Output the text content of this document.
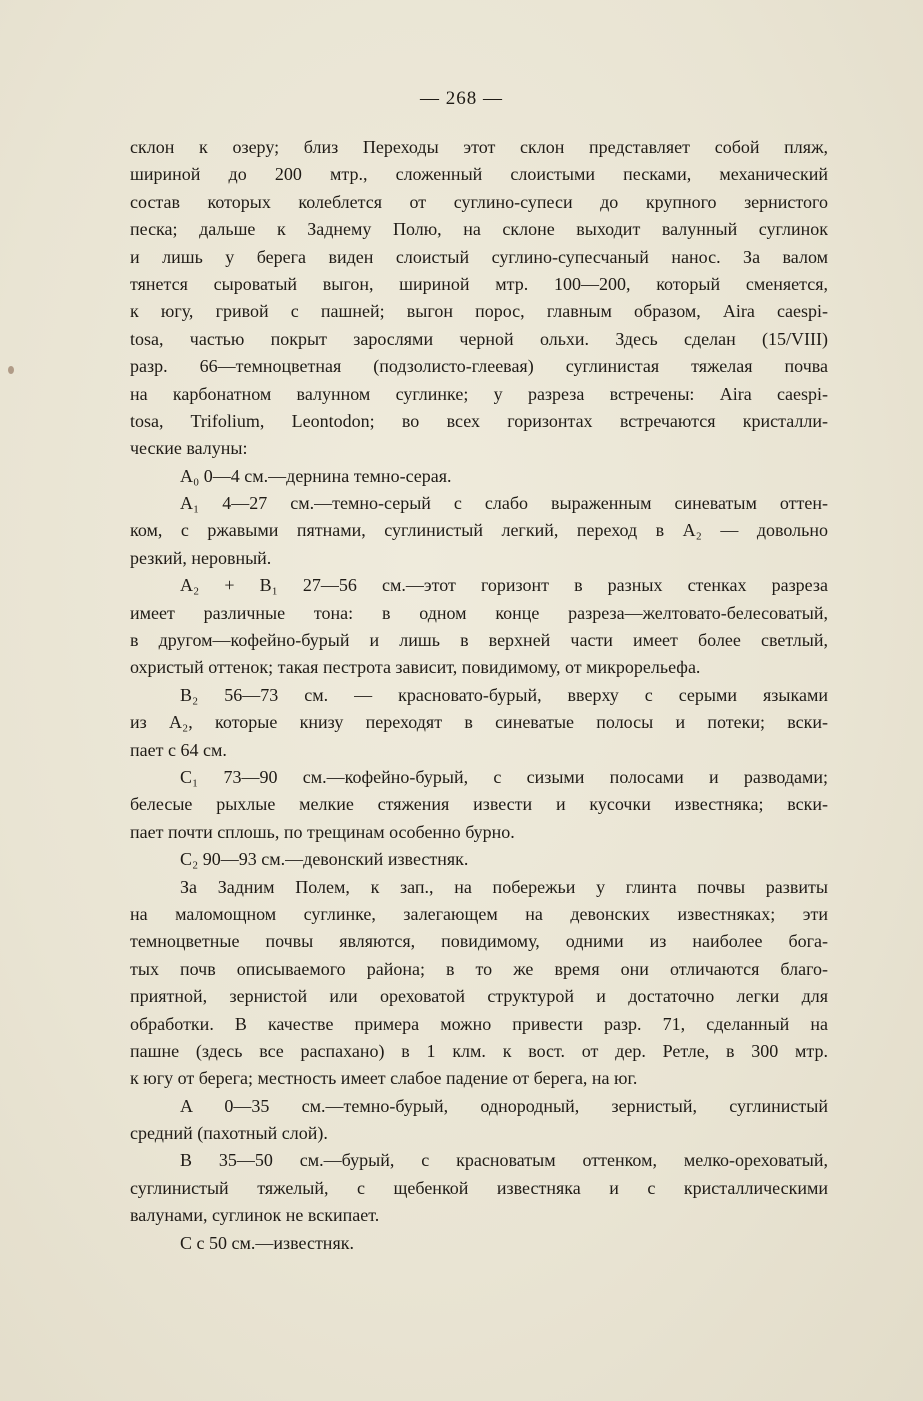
— 268 —
склон к озеру; близ Переходы этот склон представляет собой пляж,
шириной до 200 мтр., сложенный слоистыми песками, механический
состав которых колеблется от суглино-супеси до крупного зернистого
песка; дальше к Заднему Полю, на склоне выходит валунный суглинок
и лишь у берега виден слоистый суглино-супесчаный нанос. За валом
тянется сыроватый выгон, шириной мтр. 100—200, который сменяется,
к югу, гривой с пашней; выгон порос, главным образом, Aira caespi-
tosa, частью покрыт зарослями черной ольхи. Здесь сделан (15/VIII)
разр. 66—темноцветная (подзолисто-глеевая) суглинистая тяжелая почва
на карбонатном валунном суглинке; у разреза встречены: Aira caespi-
tosa, Trifolium, Leontodon; во всех горизонтах встречаются кристалли-
ческие валуны:
A₀ 0—4 см.—дернина темно-серая.
A₁ 4—27 см.—темно-серый с слабо выраженным синеватым оттен-
ком, с ржавыми пятнами, суглинистый легкий, переход в A₂ — довольно
резкий, неровный.
A₂ + B₁ 27—56 см.—этот горизонт в разных стенках разреза
имеет различные тона: в одном конце разреза—желтовато-белесоватый,
в другом—кофейно-бурый и лишь в верхней части имеет более светлый,
охристый оттенок; такая пестрота зависит, повидимому, от микрорельефа.
B₂ 56—73 см. — красновато-бурый, вверху с серыми языками
из A₂, которые книзу переходят в синеватые полосы и потеки; вски-
пает с 64 см.
C₁ 73—90 см.—кофейно-бурый, с сизыми полосами и разводами;
белесые рыхлые мелкие стяжения извести и кусочки известняка; вски-
пает почти сплошь, по трещинам особенно бурно.
C₂ 90—93 см.—девонский известняк.
За Задним Полем, к зап., на побережьи у глинта почвы развиты
на маломощном суглинке, залегающем на девонских известняках; эти
темноцветные почвы являются, повидимому, одними из наиболее бога-
тых почв описываемого района; в то же время они отличаются благо-
приятной, зернистой или ореховатой структурой и достаточно легки для
обработки. В качестве примера можно привести разр. 71, сделанный на
пашне (здесь все распахано) в 1 клм. к вост. от дер. Ретле, в 300 мтр.
к югу от берега; местность имеет слабое падение от берега, на юг.
A 0—35 см.—темно-бурый, однородный, зернистый, суглинистый
средний (пахотный слой).
B 35—50 см.—бурый, с красноватым оттенком, мелко-ореховатый,
суглинистый тяжелый, с щебенкой известняка и с кристаллическими
валунами, суглинок не вскипает.
C с 50 см.—известняк.
